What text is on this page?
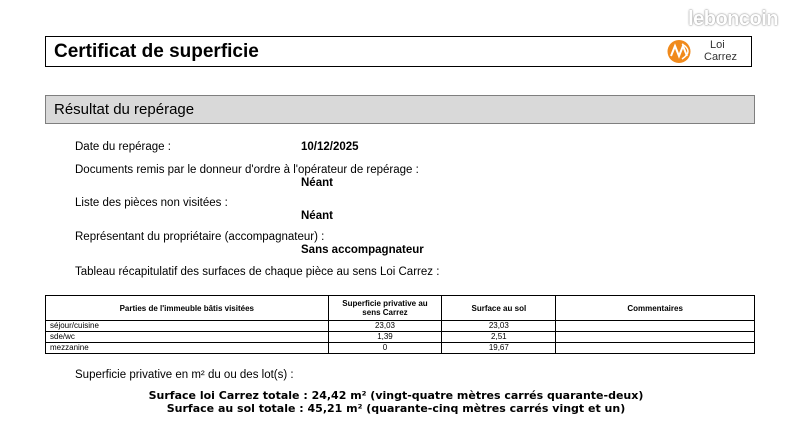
leboncoin
Certificat de superficie	Loi
Carrez
Résultat du repérage
Date du repérage :	10/12/2025
Documents remis par le donneur d'ordre à l'opérateur de repérage :
Néant
Liste des pièces non visitées :
Néant
Représentant du propriétaire (accompagnateur) :
Sans accompagnateur
Tableau récapitulatif des surfaces de chaque pièce au sens Loi Carrez :
Parties de l'immeuble bâtis visitées	Superficie privative au sens Carrez	Surface au sol	Commentaires
séjour/cuisine	23,03	23,03	
sde/wc	1,39	2,51	
mezzanine	0	19,67	
Superficie privative en m² du ou des lot(s) :
Surface loi Carrez totale : 24,42 m² (vingt-quatre mètres carrés quarante-deux)
Surface au sol totale : 45,21 m² (quarante-cinq mètres carrés vingt et un)
